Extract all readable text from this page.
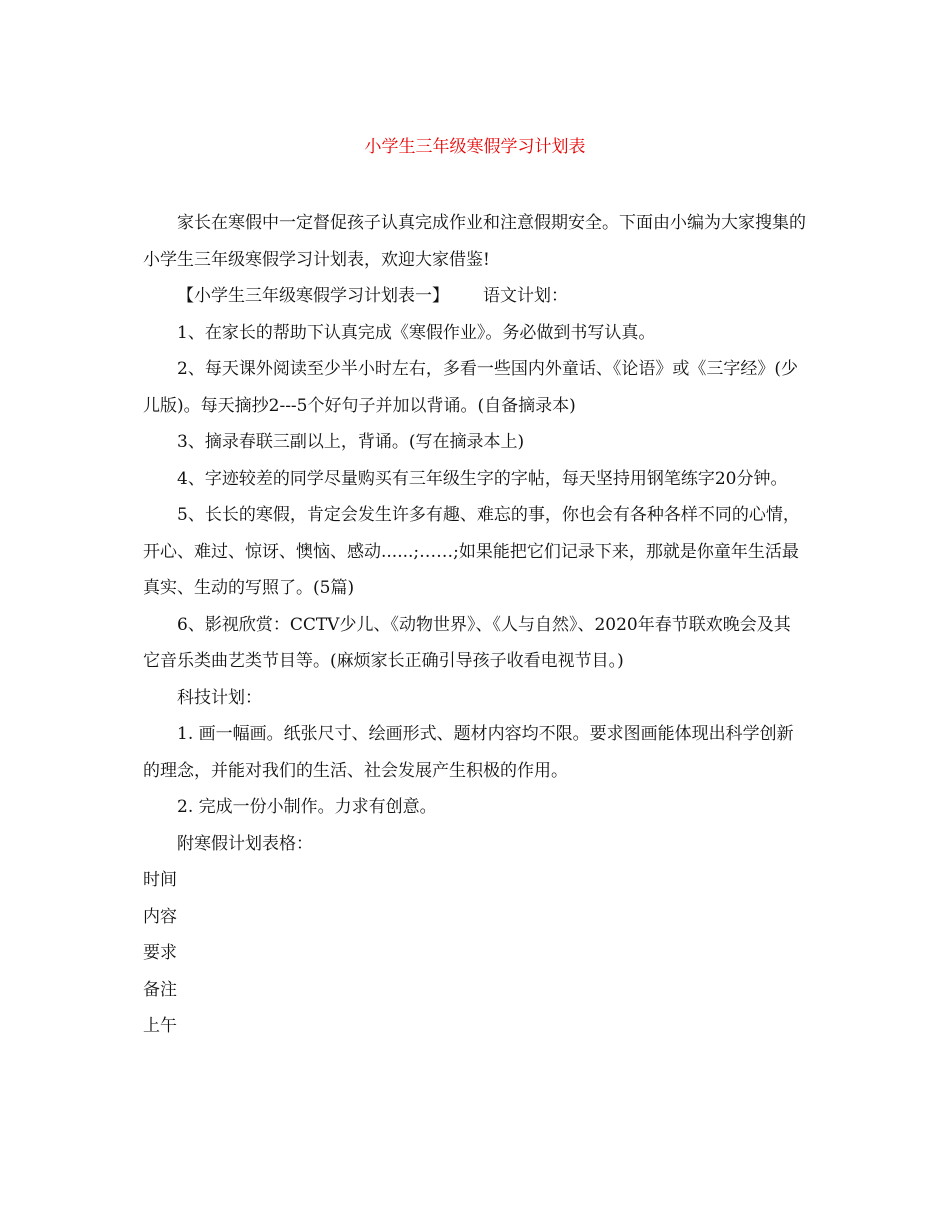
小学生三年级寒假学习计划表

家长在寒假中一定督促孩子认真完成作业和注意假期安全。下面由小编为大家搜集的小学生三年级寒假学习计划表，欢迎大家借鉴!

【小学生三年级寒假学习计划表一】 语文计划：

1、在家长的帮助下认真完成《寒假作业》。务必做到书写认真。

2、每天课外阅读至少半小时左右，多看一些国内外童话、《论语》或《三字经》(少儿版)。每天摘抄2---5个好句子并加以背诵。(自备摘录本)

3、摘录春联三副以上，背诵。(写在摘录本上)

4、字迹较差的同学尽量购买有三年级生字的字帖，每天坚持用钢笔练字20分钟。

5、长长的寒假，肯定会发生许多有趣、难忘的事，你也会有各种各样不同的心情，开心、难过、惊讶、懊恼、感动......;……;如果能把它们记录下来，那就是你童年生活最真实、生动的写照了。(5篇)

6、影视欣赏：CCTV少儿、《动物世界》、《人与自然》、2020年春节联欢晚会及其它音乐类曲艺类节目等。(麻烦家长正确引导孩子收看电视节目。)

科技计划：

1. 画一幅画。纸张尺寸、绘画形式、题材内容均不限。要求图画能体现出科学创新的理念，并能对我们的生活、社会发展产生积极的作用。

2. 完成一份小制作。力求有创意。

附寒假计划表格：

时间

内容

要求

备注

上午
